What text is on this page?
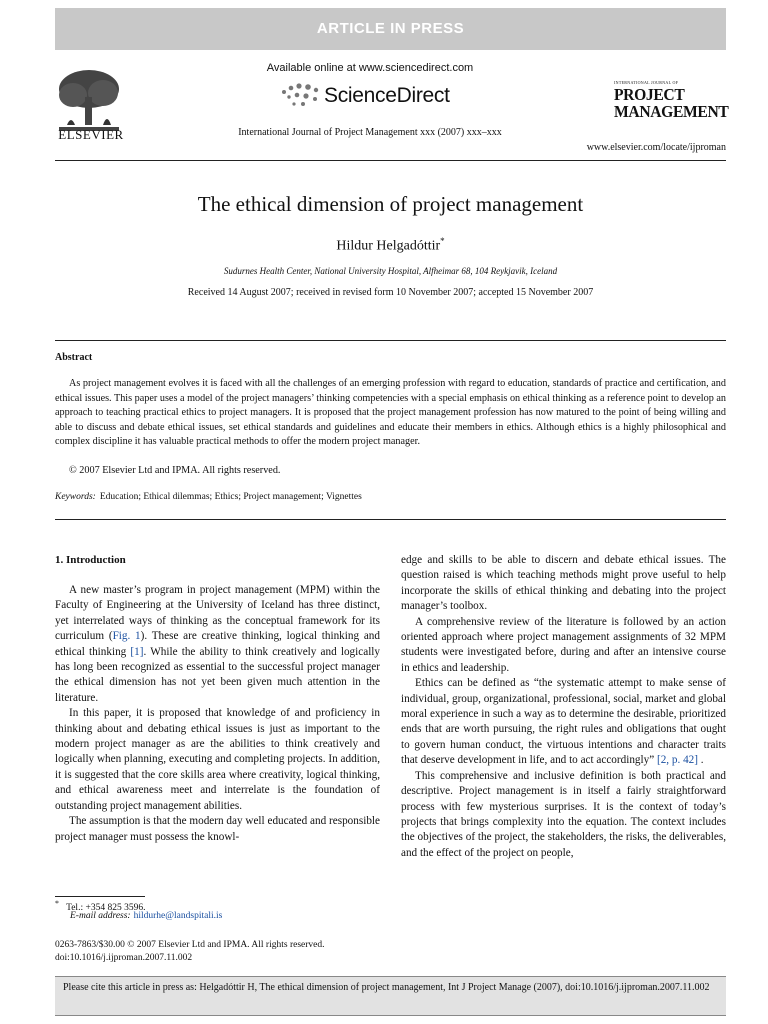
ARTICLE IN PRESS
ELSEVIER
Available online at www.sciencedirect.com
ScienceDirect
International Journal of Project Management xxx (2007) xxx–xxx
INTERNATIONAL JOURNAL OF
PROJECT
MANAGEMENT
www.elsevier.com/locate/ijproman
The ethical dimension of project management
Hildur Helgadóttir*
Sudurnes Health Center, National University Hospital, Alfheimar 68, 104 Reykjavik, Iceland
Received 14 August 2007; received in revised form 10 November 2007; accepted 15 November 2007
Abstract

As project management evolves it is faced with all the challenges of an emerging profession with regard to education, standards of practice and certification, and ethical issues. This paper uses a model of the project managers’ thinking competencies with a special emphasis on ethical thinking as a reference point to develop an approach to teaching practical ethics to project managers. It is proposed that the project management profession has now matured to the point of being willing and able to discuss and debate ethical issues, set ethical standards and guidelines and educate their members in ethics. Although ethics is a highly philosophical and complex discipline it has valuable practical methods to offer the modern project manager.

© 2007 Elsevier Ltd and IPMA. All rights reserved.
Keywords: Education; Ethical dilemmas; Ethics; Project management; Vignettes
1. Introduction

A new master’s program in project management (MPM) within the Faculty of Engineering at the University of Iceland has three distinct, yet interrelated ways of thinking as the conceptual framework for its curriculum (Fig. 1). These are creative thinking, logical thinking and ethical thinking [1]. While the ability to think creatively and logically has long been recognized as essential to the successful project manager the ethical dimension has not yet been given much attention in the literature.

In this paper, it is proposed that knowledge of and proficiency in thinking about and debating ethical issues is just as important to the modern project manager as are the abilities to think creatively and logically when planning, executing and completing projects. In addition, it is suggested that the core skills area where creativity, logical thinking, and ethical awareness meet and interrelate is the foundation of outstanding project management abilities.

The assumption is that the modern day well educated and responsible project manager must possess the knowl-

edge and skills to be able to discern and debate ethical issues. The question raised is which teaching methods might prove useful to help incorporate the skills of ethical thinking and debating into the project manager’s toolbox.

A comprehensive review of the literature is followed by an action oriented approach where project management assignments of 32 MPM students were investigated before, during and after an intensive course in ethics and leadership.

Ethics can be defined as “the systematic attempt to make sense of individual, group, organizational, professional, social, market and global moral experience in such a way as to determine the desirable, prioritized ends that are worth pursuing, the right rules and obligations that ought to govern human conduct, the virtuous intentions and character traits that deserve development in life, and to act accordingly” [2, p. 42] .

This comprehensive and inclusive definition is both practical and descriptive. Project management is in itself a fairly straightforward process with few mysterious surprises. It is the context of today’s projects that brings complexity into the equation. The context includes the objectives of the project, the stakeholders, the risks, the deliverables, and the effect of the project on people,

* Tel.: +354 825 3596.
E-mail address: hildurhe@landspitali.is
0263-7863/$30.00 © 2007 Elsevier Ltd and IPMA. All rights reserved.
doi:10.1016/j.ijproman.2007.11.002
Please cite this article in press as: Helgadóttir H, The ethical dimension of project management, Int J Project Manage (2007), doi:10.1016/j.ijproman.2007.11.002
